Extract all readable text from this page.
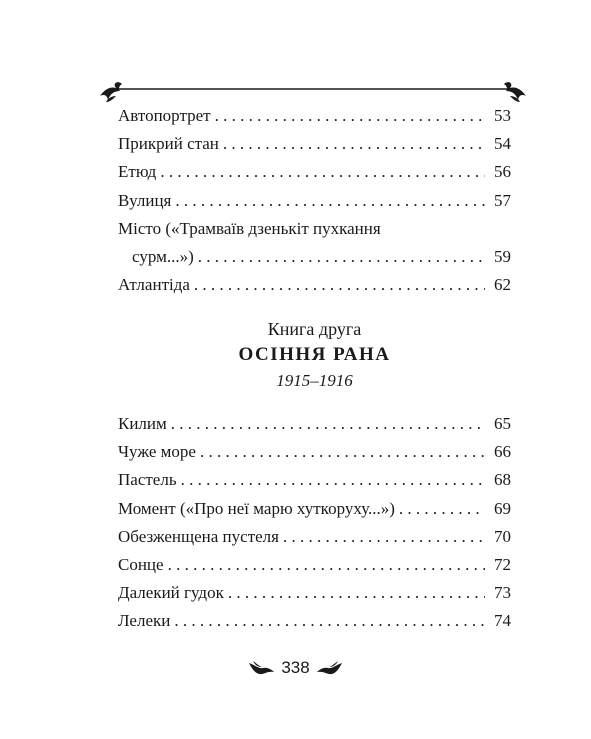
Автопортрет . . .	53
Прикрий стан . . .	54
Етюд . . .	56
Вулиця . . .	57
Місто («Трамваїв дзенькіт пухкання
сурм...») . . .	59
Атлантіда . . .	62
Книга друга
ОСІННЯ РАНА
1915–1916
Килим . . .	65
Чуже море . . .	66
Пастель . . .	68
Момент («Про неї марю хуткоруху...») . . .	69
Обезженщена пустеля . . .	70
Сонце . . .	72
Далекий гудок . . .	73
Лелеки . . .	74
338
